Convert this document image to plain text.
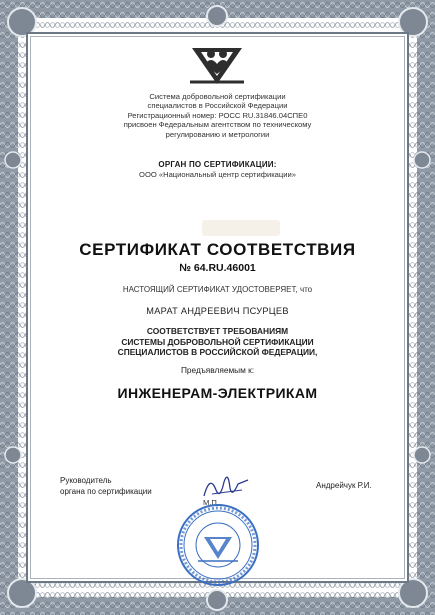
Система добровольной сертификации
специалистов в Российской Федерации
Регистрационный номер: РОСС RU.31846.04СПЕ0
присвоен Федеральным агентством по техническому
регулированию и метрологии
ОРГАН ПО СЕРТИФИКАЦИИ:
ООО «Национальный центр сертификации»
СЕРТИФИКАТ СООТВЕТСТВИЯ
№ 64.RU.46001
НАСТОЯЩИЙ СЕРТИФИКАТ УДОСТОВЕРЯЕТ, что
МАРАТ АНДРЕЕВИЧ ПСУРЦЕВ
СООТВЕТСТВУЕТ ТРЕБОВАНИЯМ
СИСТЕМЫ ДОБРОВОЛЬНОЙ СЕРТИФИКАЦИИ
СПЕЦИАЛИСТОВ В РОССИЙСКОЙ ФЕДЕРАЦИИ,
Предъявляемым к:
ИНЖЕНЕРАМ-ЭЛЕКТРИКАМ
Руководитель
органа по сертификации
М.П.
Андрейчук Р.И.
